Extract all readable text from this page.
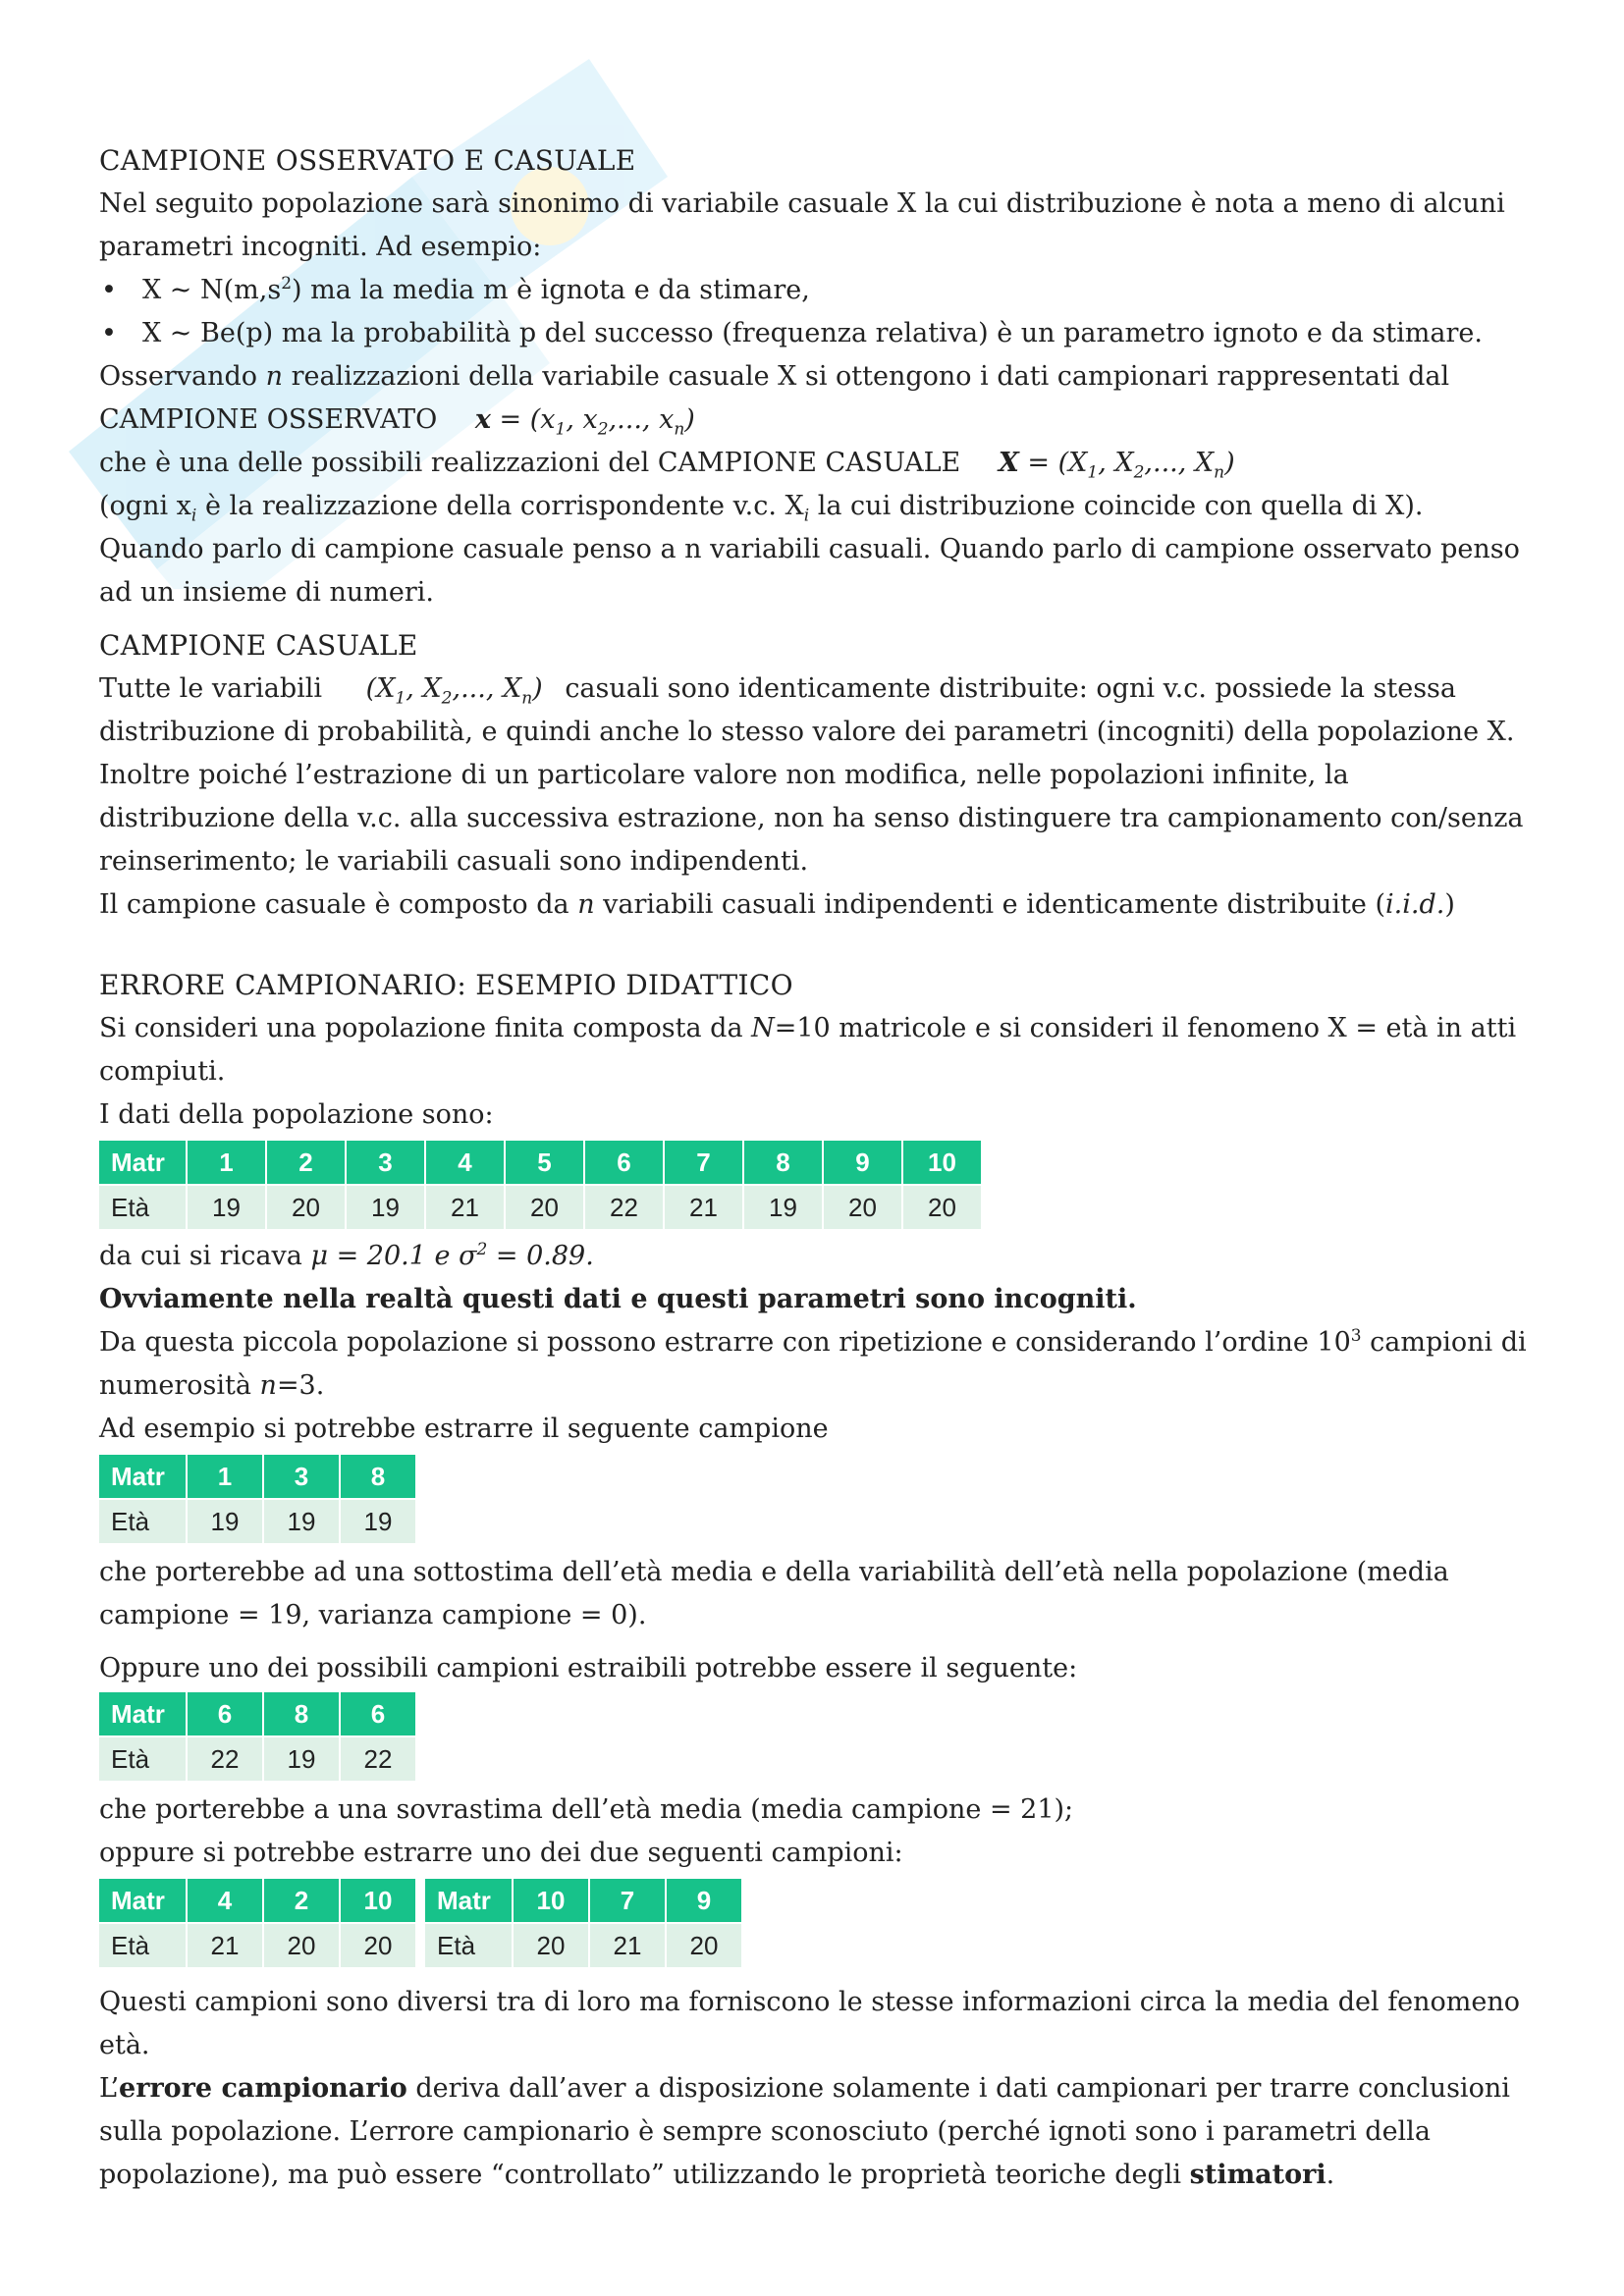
CAMPIONE OSSERVATO E CASUALE

Nel seguito popolazione sarà sinonimo di variabile casuale X la cui distribuzione è nota a meno di alcuni parametri incogniti. Ad esempio:

• X ~ $N(m,s^2)$ ma la media m è ignota e da stimare,
• X ~ Be(p) ma la probabilità p del successo (frequenza relativa) è un parametro ignoto e da stimare.

Osservando n realizzazioni della variabile casuale X si ottengono i dati campionari rappresentati dal

CAMPIONE OSSERVATO $x = (x_1$, $x_2$,..., $x_n$)

che è una delle possibili realizzazioni del CAMPIONE CASUALE $X = (X_1$, $X_2$,..., $X_n$)

(ogni $x_i$ è la realizzazione della corrispondente v.c. $X_i$ la cui distribuzione coincide con quella di X).

Quando parlo di campione casuale penso a n variabili casuali. Quando parlo di campione osservato penso ad un insieme di numeri.

CAMPIONE CASUALE

Tutte le variabili ($X_1$, $X_2$,..., $X_n$) casuali sono identicamente distribuite: ogni v.c. possiede la stessa distribuzione di probabilità, e quindi anche lo stesso valore dei parametri (incogniti) della popolazione X.

Inoltre poiché l’estrazione di un particolare valore non modifica, nelle popolazioni infinite, la distribuzione della v.c. alla successiva estrazione, non ha senso distinguere tra campionamento con/senza reinserimento; le variabili casuali sono indipendenti.

Il campione casuale è composto da n variabili casuali indipendenti e identicamente distribuite (i.i.d.)

ERRORE CAMPIONARIO: ESEMPIO DIDATTICO

Si consideri una popolazione finita composta da N=10 matricole e si consideri il fenomeno X = età in atti compiuti.

I dati della popolazione sono:

Matr	1	2	3	4	5	6	7	8	9	10
Età	19	20	19	21	20	22	21	19	20	20

da cui si ricava μ = 20.1 e $\sigma^2 = 0.89$.

Ovviamente nella realtà questi dati e questi parametri sono incogniti.

Da questa piccola popolazione si possono estrarre con ripetizione e considerando l’ordine $10^3$ campioni di numerosità n=3.

Ad esempio si potrebbe estrarre il seguente campione

Matr	1	3	8
Età	19	19	19

che porterebbe ad una sottostima dell’età media e della variabilità dell’età nella popolazione (media campione = 19, varianza campione = 0).

Oppure uno dei possibili campioni estraibili potrebbe essere il seguente:

Matr	6	8	6
Età	22	19	22

che porterebbe a una sovrastima dell’età media (media campione = 21);

oppure si potrebbe estrarre uno dei due seguenti campioni:

Matr	4	2	10
Età	21	20	20
Matr	10	7	9
Età	20	21	20

Questi campioni sono diversi tra di loro ma forniscono le stesse informazioni circa la media del fenomeno età.

L’errore campionario deriva dall’aver a disposizione solamente i dati campionari per trarre conclusioni sulla popolazione. L’errore campionario è sempre sconosciuto (perché ignoti sono i parametri della popolazione), ma può essere “controllato” utilizzando le proprietà teoriche degli stimatori.
